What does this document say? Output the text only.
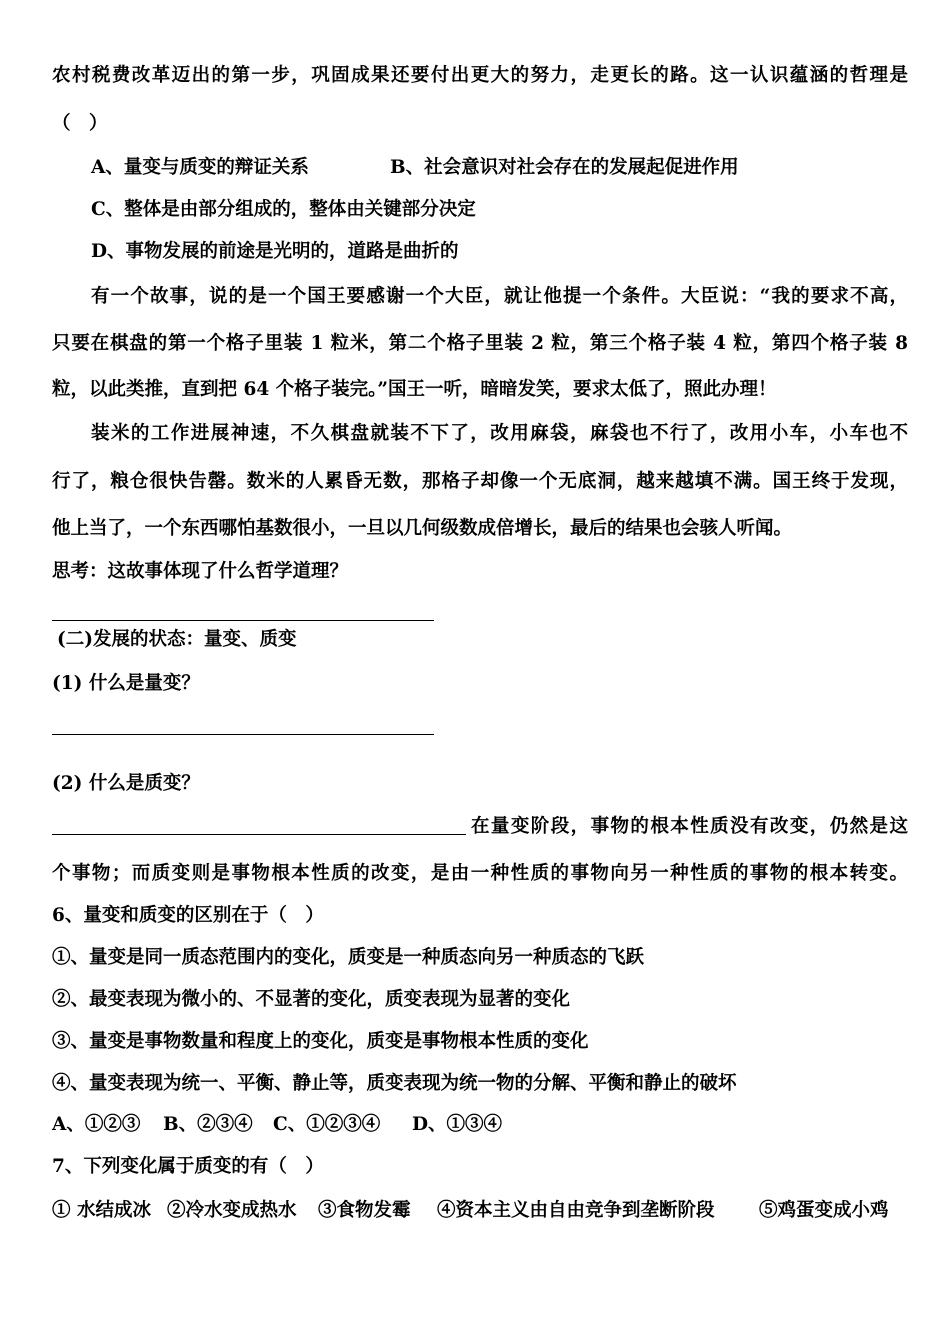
农村税费改革迈出的第一步，巩固成果还要付出更大的努力，走更长的路。这一认识蕴涵的哲理是
（　）
A、量变与质变的辩证关系	B、社会意识对社会存在的发展起促进作用
C、整体是由部分组成的，整体由关键部分决定
D、事物发展的前途是光明的，道路是曲折的
有一个故事，说的是一个国王要感谢一个大臣，就让他提一个条件。大臣说：“我的要求不高，
只要在棋盘的第一个格子里装 1 粒米，第二个格子里装 2 粒，第三个格子装 4 粒，第四个格子装 8
粒，以此类推，直到把 64 个格子装完。”国王一听，暗暗发笑，要求太低了，照此办理！
装米的工作进展神速，不久棋盘就装不下了，改用麻袋，麻袋也不行了，改用小车，小车也不
行了，粮仓很快告罄。数米的人累昏无数，那格子却像一个无底洞，越来越填不满。国王终于发现，
他上当了，一个东西哪怕基数很小，一旦以几何级数成倍增长，最后的结果也会骇人听闻。
思考：这故事体现了什么哲学道理？
(二)发展的状态：量变、质变
(1) 什么是量变？
(2) 什么是质变？
在量变阶段，事物的根本性质没有改变，仍然是这
个事物；而质变则是事物根本性质的改变，是由一种性质的事物向另一种性质的事物的根本转变。
6、量变和质变的区别在于（　）
①、量变是同一质态范围内的变化，质变是一种质态向另一种质态的飞跃
②、最变表现为微小的、不显著的变化，质变表现为显著的变化
③、量变是事物数量和程度上的变化，质变是事物根本性质的变化
④、量变表现为统一、平衡、静止等，质变表现为统一物的分解、平衡和静止的破坏
A、①②③ B、②③④ C、①②③④ D、①③④
7、下列变化属于质变的有（　）
① 水结成冰 ②冷水变成热水 ③食物发霉 ④资本主义由自由竞争到垄断阶段 ⑤鸡蛋变成小鸡
